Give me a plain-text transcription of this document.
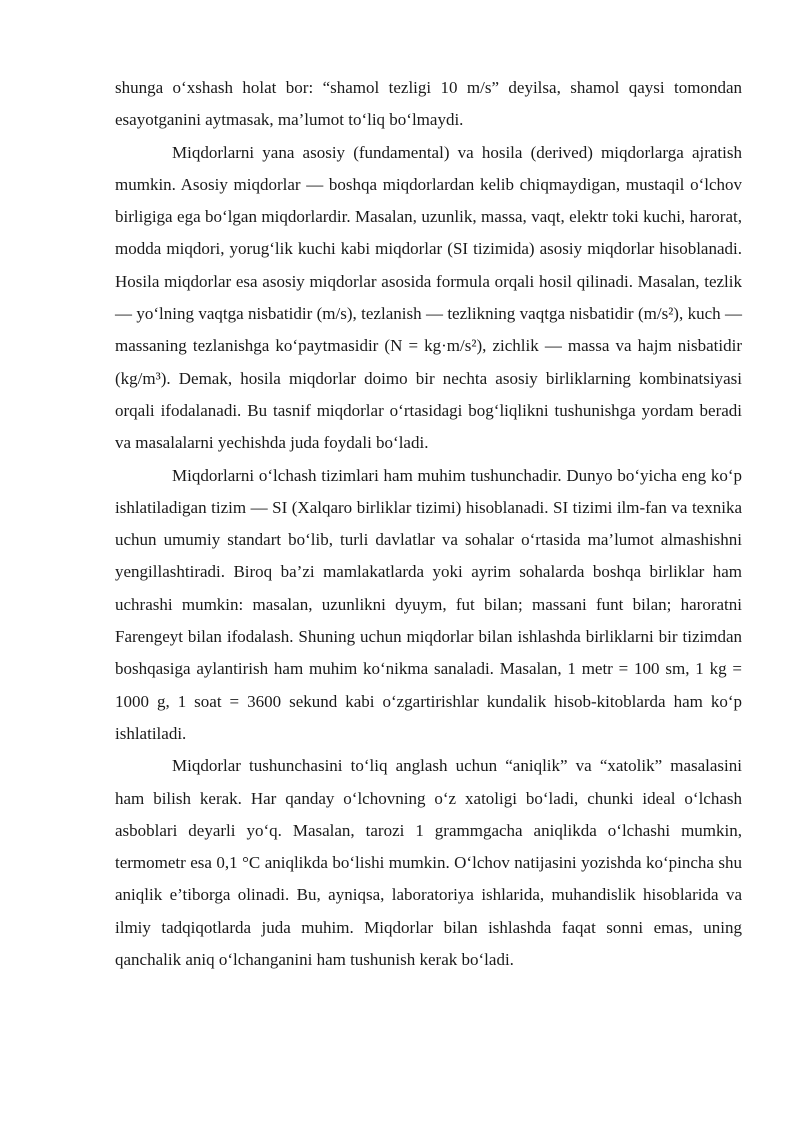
shunga o‘xshash holat bor: “shamol tezligi 10 m/s” deyilsa, shamol qaysi tomondan esayotganini aytmasak, ma’lumot to‘liq bo‘lmaydi.

Miqdorlarni yana asosiy (fundamental) va hosila (derived) miqdorlarga ajratish mumkin. Asosiy miqdorlar — boshqa miqdorlardan kelib chiqmaydigan, mustaqil o‘lchov birligiga ega bo‘lgan miqdorlardir. Masalan, uzunlik, massa, vaqt, elektr toki kuchi, harorat, modda miqdori, yorug‘lik kuchi kabi miqdorlar (SI tizimida) asosiy miqdorlar hisoblanadi. Hosila miqdorlar esa asosiy miqdorlar asosida formula orqali hosil qilinadi. Masalan, tezlik — yo‘lning vaqtga nisbatidir (m/s), tezlanish — tezlikning vaqtga nisbatidir (m/s²), kuch — massaning tezlanishga ko‘paytmasidir (N = kg·m/s²), zichlik — massa va hajm nisbatidir (kg/m³). Demak, hosila miqdorlar doimo bir nechta asosiy birliklarning kombinatsiyasi orqali ifodalanadi. Bu tasnif miqdorlar o‘rtasidagi bog‘liqlikni tushunishga yordam beradi va masalalarni yechishda juda foydali bo‘ladi.

Miqdorlarni o‘lchash tizimlari ham muhim tushunchadir. Dunyo bo‘yicha eng ko‘p ishlatiladigan tizim — SI (Xalqaro birliklar tizimi) hisoblanadi. SI tizimi ilm-fan va texnika uchun umumiy standart bo‘lib, turli davlatlar va sohalar o‘rtasida ma’lumot almashishni yengillashtiradi. Biroq ba’zi mamlakatlarda yoki ayrim sohalarda boshqa birliklar ham uchrashi mumkin: masalan, uzunlikni dyuym, fut bilan; massani funt bilan; haroratni Farengeyt bilan ifodalash. Shuning uchun miqdorlar bilan ishlashda birliklarni bir tizimdan boshqasiga aylantirish ham muhim ko‘nikma sanaladi. Masalan, 1 metr = 100 sm, 1 kg = 1000 g, 1 soat = 3600 sekund kabi o‘zgartirishlar kundalik hisob-kitoblarda ham ko‘p ishlatiladi.

Miqdorlar tushunchasini to‘liq anglash uchun “aniqlik” va “xatolik” masalasini ham bilish kerak. Har qanday o‘lchovning o‘z xatoligi bo‘ladi, chunki ideal o‘lchash asboblari deyarli yo‘q. Masalan, tarozi 1 grammgacha aniqlikda o‘lchashi mumkin, termometr esa 0,1 °C aniqlikda bo‘lishi mumkin. O‘lchov natijasini yozishda ko‘pincha shu aniqlik e’tiborga olinadi. Bu, ayniqsa, laboratoriya ishlarida, muhandislik hisoblarida va ilmiy tadqiqotlarda juda muhim. Miqdorlar bilan ishlashda faqat sonni emas, uning qanchalik aniq o‘lchanganini ham tushunish kerak bo‘ladi.
